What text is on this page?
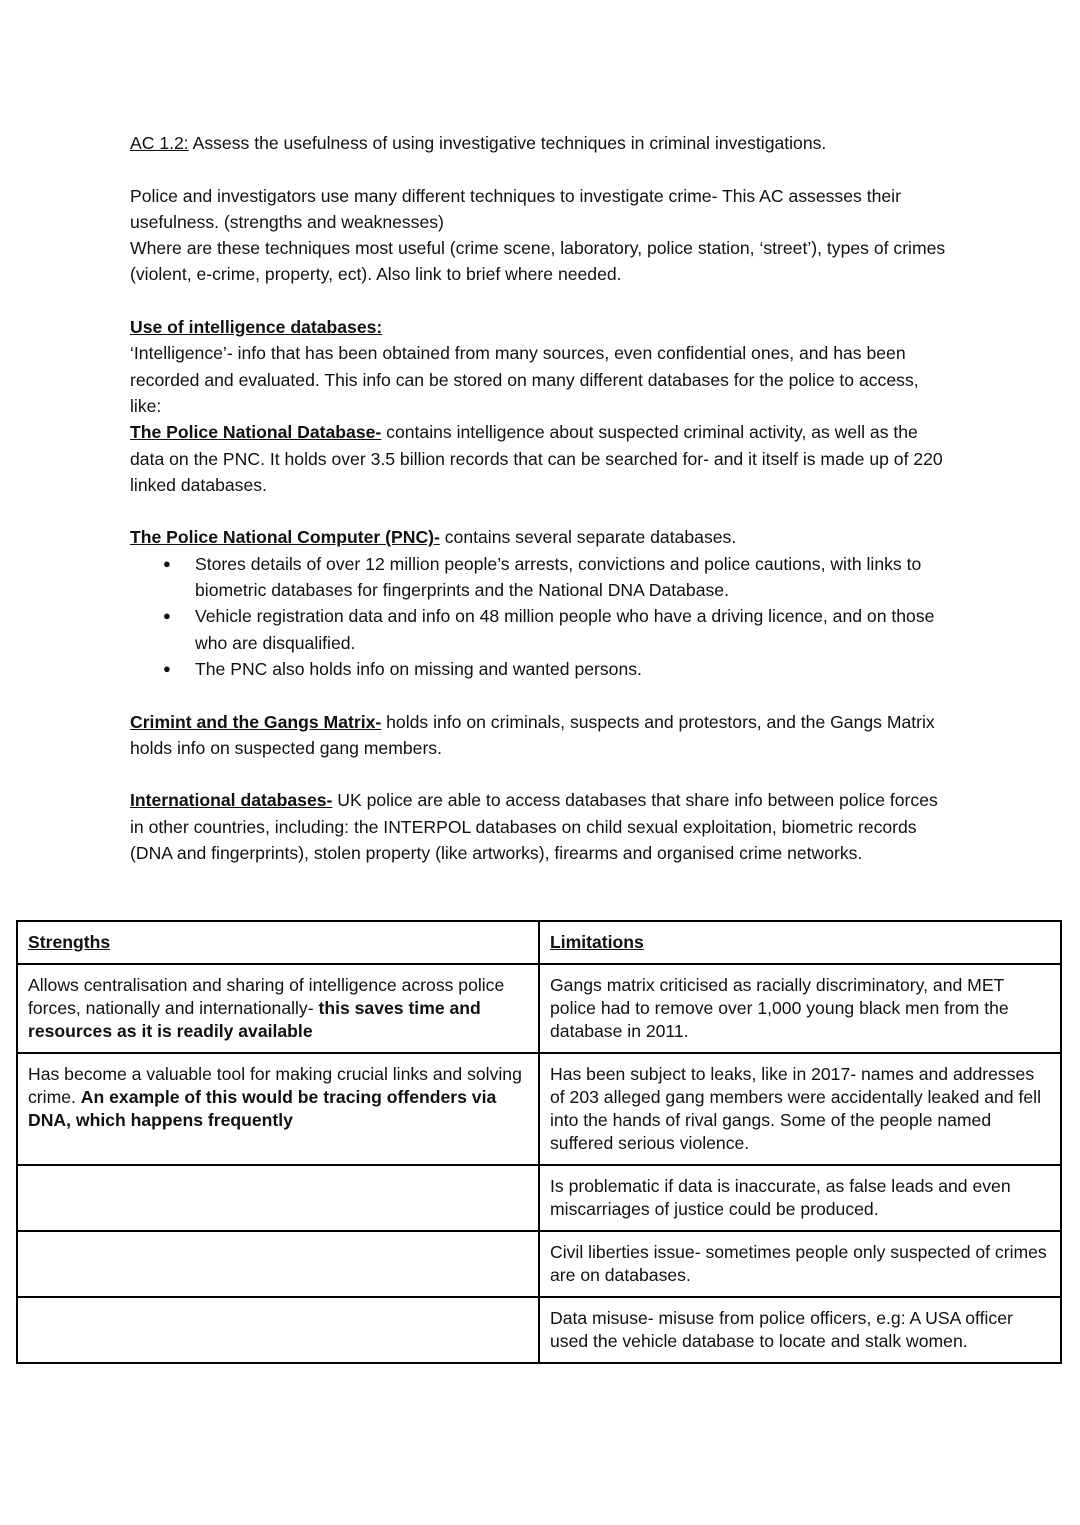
AC 1.2: Assess the usefulness of using investigative techniques in criminal investigations.

Police and investigators use many different techniques to investigate crime- This AC assesses their usefulness. (strengths and weaknesses)

Where are these techniques most useful (crime scene, laboratory, police station, ‘street’), types of crimes (violent, e-crime, property, ect). Also link to brief where needed.

Use of intelligence databases:

‘Intelligence’- info that has been obtained from many sources, even confidential ones, and has been recorded and evaluated. This info can be stored on many different databases for the police to access, like:

The Police National Database- contains intelligence about suspected criminal activity, as well as the data on the PNC. It holds over 3.5 billion records that can be searched for- and it itself is made up of 220 linked databases.

The Police National Computer (PNC)- contains several separate databases.

● Stores details of over 12 million people’s arrests, convictions and police cautions, with links to biometric databases for fingerprints and the National DNA Database.
● Vehicle registration data and info on 48 million people who have a driving licence, and on those who are disqualified.
● The PNC also holds info on missing and wanted persons.

Crimint and the Gangs Matrix- holds info on criminals, suspects and protestors, and the Gangs Matrix holds info on suspected gang members.

International databases- UK police are able to access databases that share info between police forces in other countries, including: the INTERPOL databases on child sexual exploitation, biometric records (DNA and fingerprints), stolen property (like artworks), firearms and organised crime networks.

Strengths	Limitations
Allows centralisation and sharing of intelligence across police forces, nationally and internationally- this saves time and resources as it is readily available	Gangs matrix criticised as racially discriminatory, and MET police had to remove over 1,000 young black men from the database in 2011.
Has become a valuable tool for making crucial links and solving crime. An example of this would be tracing offenders via DNA, which happens frequently	Has been subject to leaks, like in 2017- names and addresses of 203 alleged gang members were accidentally leaked and fell into the hands of rival gangs. Some of the people named suffered serious violence.
	Is problematic if data is inaccurate, as false leads and even miscarriages of justice could be produced.
	Civil liberties issue- sometimes people only suspected of crimes are on databases.
	Data misuse- misuse from police officers, e.g: A USA officer used the vehicle database to locate and stalk women.
